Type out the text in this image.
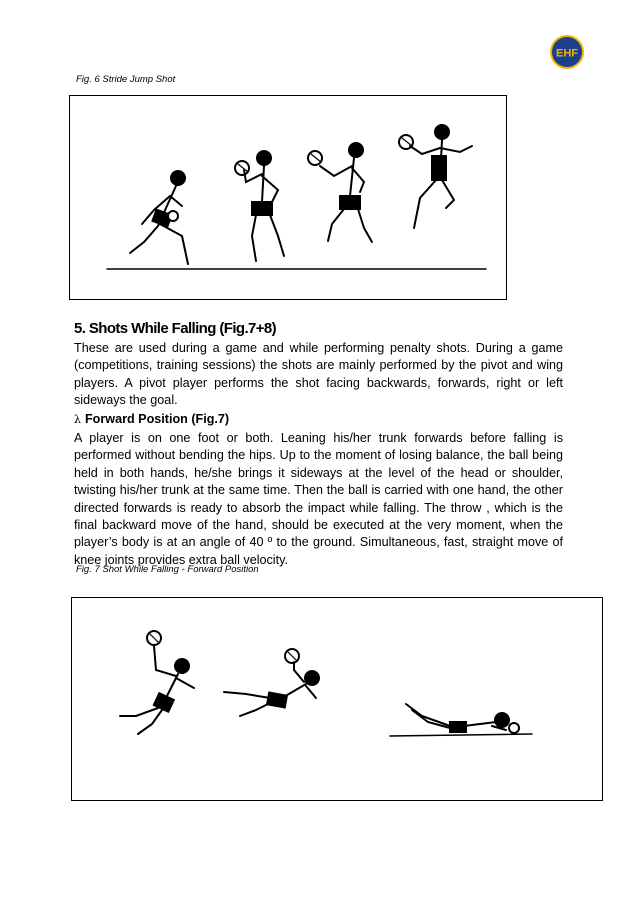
EHF
Fig. 6 Stride Jump Shot
5. Shots While Falling (Fig.7+8)

These are used during a game and while performing penalty shots. During a game (competitions, training sessions) the shots are mainly performed by the pivot and wing players. A pivot player performs the shot facing backwards, forwards, right or left sideways the goal.

λ Forward Position (Fig.7)

A player is on one foot or both. Leaning his/her trunk forwards before falling is performed without bending the hips. Up to the moment of losing balance, the ball being held in both hands, he/she brings it sideways at the level of the head or shoulder, twisting his/her trunk at the same time. Then the ball is carried with one hand, the other directed forwards is ready to absorb the impact while falling. The throw , which is the final backward move of the hand, should be executed at the very moment, when the player’s body is at an angle of 40 º to the ground. Simultaneous, fast, straight move of knee joints provides extra ball velocity.

Fig. 7 Shot While Falling - Forward Position
